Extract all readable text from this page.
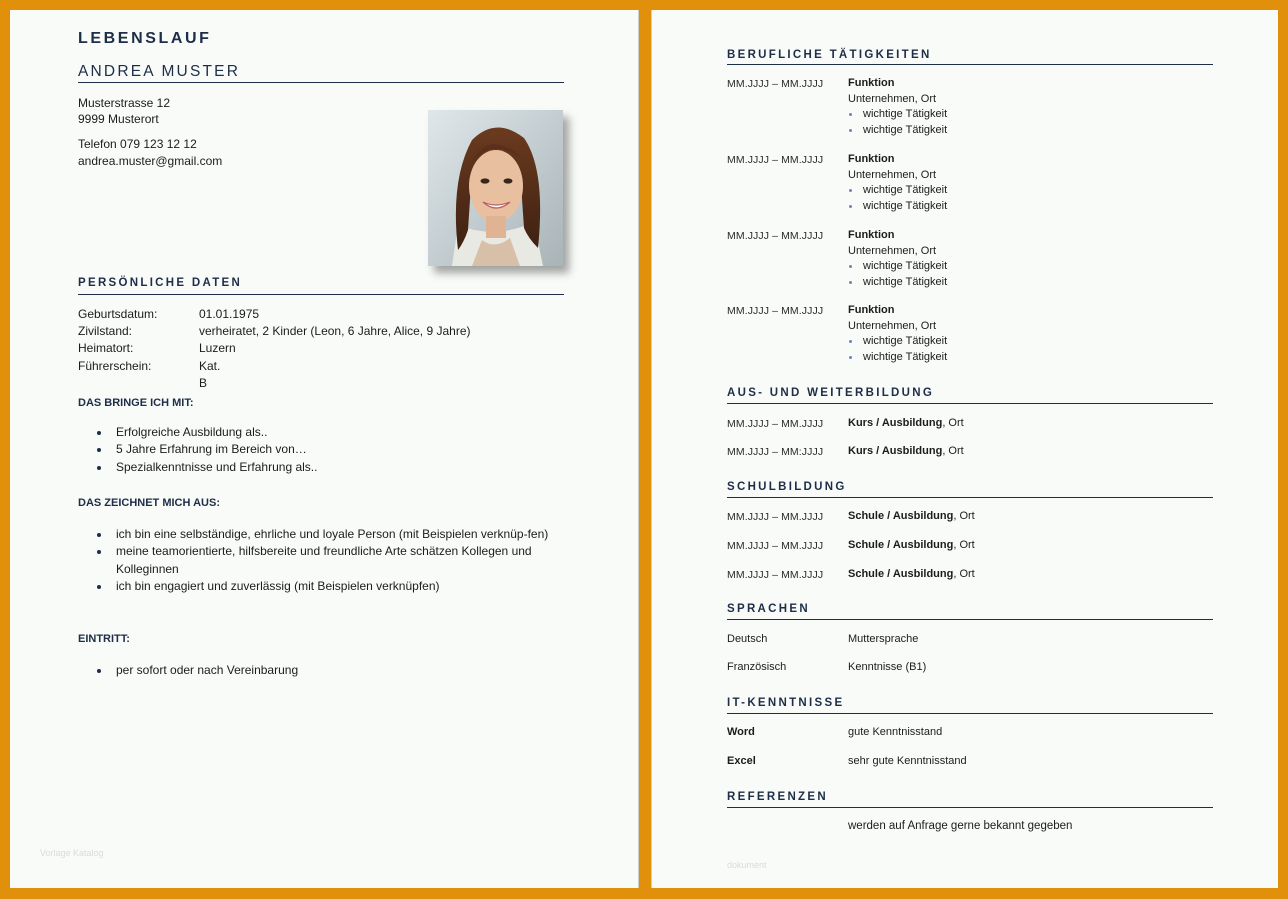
LEBENSLAUF
ANDREA MUSTER
Musterstrasse 12
9999 Musterort
Telefon 079 123 12 12
andrea.muster@gmail.com
PERSÖNLICHE DATEN
Geburtsdatum:	01.01.1975
Zivilstand:	verheiratet, 2 Kinder (Leon, 6 Jahre, Alice, 9 Jahre)
Heimatort:	Luzern
Führerschein:	Kat. B
DAS BRINGE ICH MIT:
Erfolgreiche Ausbildung als..
5 Jahre Erfahrung im Bereich von…
Spezialkenntnisse und Erfahrung als..
DAS ZEICHNET MICH AUS:
ich bin eine selbständige, ehrliche und loyale Person (mit Beispielen verknüp-fen)
meine teamorientierte, hilfsbereite und freundliche Arte schätzen Kollegen und Kolleginnen
ich bin engagiert und zuverlässig (mit Beispielen verknüpfen)
EINTRITT:
per sofort oder nach Vereinbarung
Vorlage Katalog
BERUFLICHE TÄTIGKEITEN
MM.JJJJ – MM.JJJJ Funktion
Unternehmen, Ort
wichtige Tätigkeit
wichtige Tätigkeit
MM.JJJJ – MM.JJJJ Funktion
Unternehmen, Ort
wichtige Tätigkeit
wichtige Tätigkeit
MM.JJJJ – MM.JJJJ Funktion
Unternehmen, Ort
wichtige Tätigkeit
wichtige Tätigkeit
MM.JJJJ – MM.JJJJ Funktion
Unternehmen, Ort
wichtige Tätigkeit
wichtige Tätigkeit
AUS- UND WEITERBILDUNG
MM.JJJJ – MM.JJJJ Kurs / Ausbildung, Ort
MM.JJJJ – MM:JJJJ Kurs / Ausbildung, Ort
SCHULBILDUNG
MM.JJJJ – MM.JJJJ Schule / Ausbildung, Ort
MM.JJJJ – MM.JJJJ Schule / Ausbildung, Ort
MM.JJJJ – MM.JJJJ Schule / Ausbildung, Ort
SPRACHEN
Deutsch	Muttersprache
Französisch	Kenntnisse (B1)
IT-KENNTNISSE
Word	gute Kenntnisstand
Excel	sehr gute Kenntnisstand
REFERENZEN
werden auf Anfrage gerne bekannt gegeben
dokument
